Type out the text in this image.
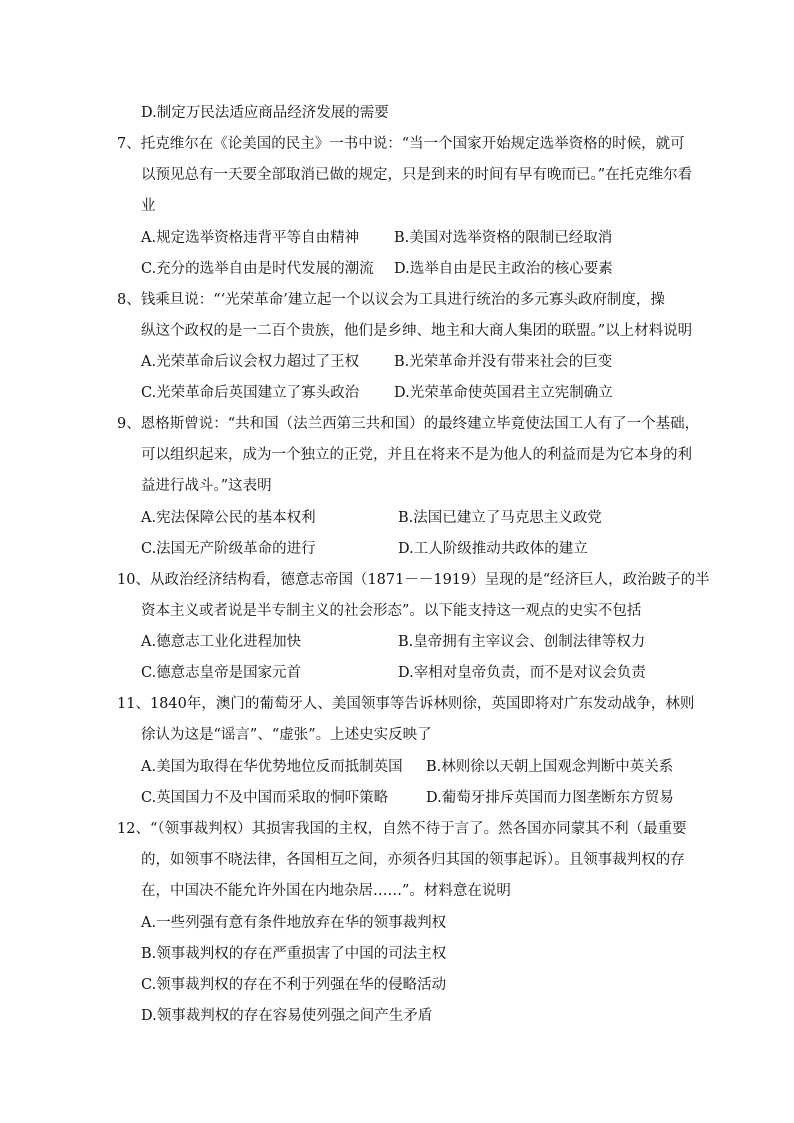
D.制定万民法适应商品经济发展的需要
7、托克维尔在《论美国的民主》一书中说：“当一个国家开始规定选举资格的时候，就可
以预见总有一天要全部取消已做的规定，只是到来的时间有早有晚而已。”在托克维尔看
业
A.规定选举资格违背平等自由精神 B.美国对选举资格的限制已经取消
C.充分的选举自由是时代发展的潮流 D.选举自由是民主政治的核心要素
8、钱乘旦说：“‘光荣革命’建立起一个以议会为工具进行统治的多元寡头政府制度，操
纵这个政权的是一二百个贵族，他们是乡绅、地主和大商人集团的联盟。”以上材料说明
A.光荣革命后议会权力超过了王权 B.光荣革命并没有带来社会的巨变
C.光荣革命后英国建立了寡头政治 D.光荣革命使英国君主立宪制确立
9、恩格斯曾说：“共和国（法兰西第三共和国）的最终建立毕竟使法国工人有了一个基础，
可以组织起来，成为一个独立的正党，并且在将来不是为他人的利益而是为它本身的利
益进行战斗。”这表明
A.宪法保障公民的基本权利	B.法国已建立了马克思主义政党
C.法国无产阶级革命的进行	D.工人阶级推动共政体的建立
10、从政治经济结构看，德意志帝国（1871－－1919）呈现的是“经济巨人，政治跛子的半
资本主义或者说是半专制主义的社会形态”。以下能支持这一观点的史实不包括
A.德意志工业化进程加快	B.皇帝拥有主宰议会、创制法律等权力
C.德意志皇帝是国家元首	D.宰相对皇帝负责，而不是对议会负责
11、1840年，澳门的葡萄牙人、美国领事等告诉林则徐，英国即将对广东发动战争，林则
徐认为这是“谣言”、“虚张”。上述史实反映了
A.美国为取得在华优势地位反而抵制英国 B.林则徐以天朝上国观念判断中英关系
C.英国国力不及中国而采取的恫吓策略	D.葡萄牙排斥英国而力图垄断东方贸易
12、“（领事裁判权）其损害我国的主权，自然不待于言了。然各国亦同蒙其不利（最重要
的，如领事不晓法律，各国相互之间，亦须各归其国的领事起诉）。且领事裁判权的存
在，中国决不能允许外国在内地杂居……”。材料意在说明
A.一些列强有意有条件地放弃在华的领事裁判权
B.领事裁判权的存在严重损害了中国的司法主权
C.领事裁判权的存在不利于列强在华的侵略活动
D.领事裁判权的存在容易使列强之间产生矛盾
